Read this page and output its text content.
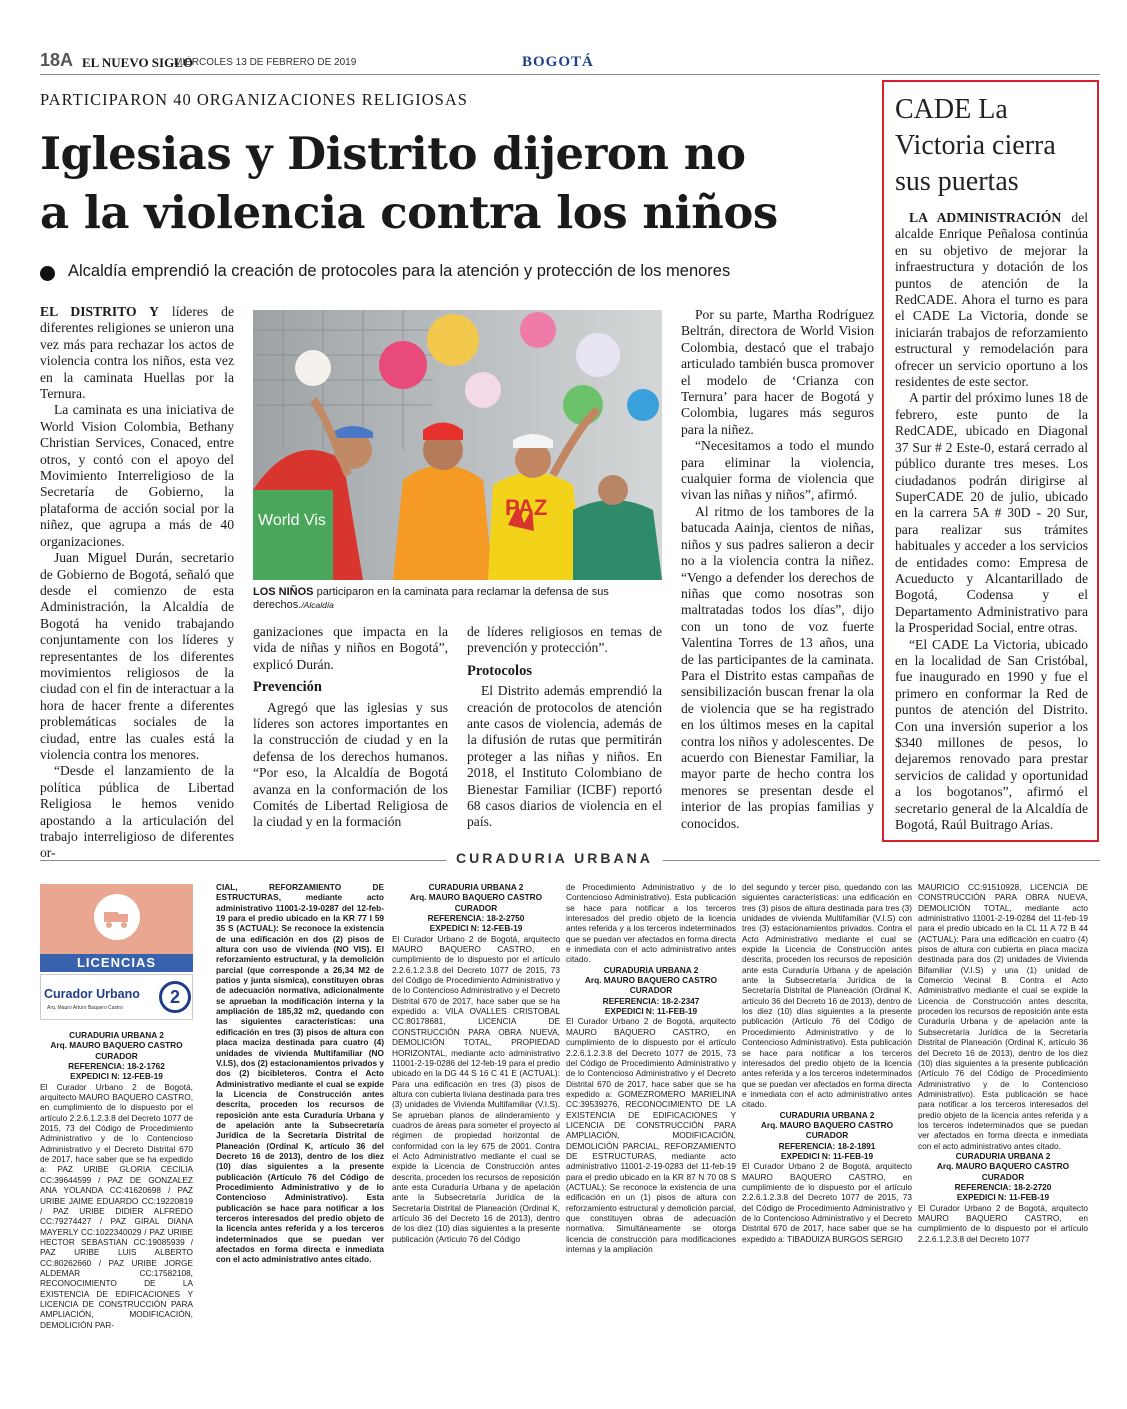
18A EL NUEVO SIGLO
MIÉRCOLES 13 DE FEBRERO DE 2019	BOGOTÁ
PARTICIPARON 40 ORGANIZACIONES RELIGIOSAS
Iglesias y Distrito dijeron no
a la violencia contra los niños
Alcaldía emprendió la creación de protocoles para la atención y protección de los menores

EL DISTRITO Y líderes de diferentes religiones se unieron una vez más para rechazar los actos de violencia contra los niños, esta vez en la caminata Huellas por la Ternura.

La caminata es una iniciativa de World Vision Colombia, Bethany Christian Services, Conaced, entre otros, y contó con el apoyo del Movimiento Interreligioso de la Secretaría de Gobierno, la plataforma de acción social por la niñez, que agrupa a más de 40 organizaciones.

Juan Miguel Durán, secretario de Gobierno de Bogotá, señaló que desde el comienzo de esta Administración, la Alcaldía de Bogotá ha venido trabajando conjuntamente con los líderes y representantes de los diferentes movimientos religiosos de la ciudad con el fin de interactuar a la hora de hacer frente a diferentes problemáticas sociales de la ciudad, entre las cuales está la violencia contra los menores.

“Desde el lanzamiento de la política pública de Libertad Religiosa le hemos venido apostando a la articulación del trabajo interreligioso de diferentes or-

World Vis
PAZ
LOS NIÑOS participaron en la caminata para reclamar la defensa de sus derechos./Alcaldía

ganizaciones que impacta en la vida de niñas y niños en Bogotá”, explicó Durán.

Prevención

Agregó que las iglesias y sus líderes son actores importantes en la construcción de ciudad y en la defensa de los derechos humanos. “Por eso, la Alcaldía de Bogotá avanza en la conformación de los Comités de Libertad Religiosa de la ciudad y en la formación

de líderes religiosos en temas de prevención y protección”.

Protocolos

El Distrito además emprendió la creación de protocolos de atención ante casos de violencia, además de la difusión de rutas que permitirán proteger a las niñas y niños. En 2018, el Instituto Colombiano de Bienestar Familiar (ICBF) reportó 68 casos diarios de violencia en el país.

Por su parte, Martha Rodríguez Beltrán, directora de World Vision Colombia, destacó que el trabajo articulado también busca promover el modelo de ‘Crianza con Ternura’ para hacer de Bogotá y Colombia, lugares más seguros para la niñez.

“Necesitamos a todo el mundo para eliminar la violencia, cualquier forma de violencia que vivan las niñas y niños”, afirmó.

Al ritmo de los tambores de la batucada Aainja, cientos de niñas, niños y sus padres salieron a decir no a la violencia contra la niñez. “Vengo a defender los derechos de niñas que como nosotras son maltratadas todos los días”, dijo con un tono de voz fuerte Valentina Torres de 13 años, una de las participantes de la caminata. Para el Distrito estas campañas de sensibilización buscan frenar la ola de violencia que se ha registrado en los últimos meses en la capital contra los niños y adolescentes. De acuerdo con Bienestar Familiar, la mayor parte de hecho contra los menores se presentan desde el interior de las propias familias y conocidos.

CADE La
Victoria cierra
sus puertas

LA ADMINISTRACIÓN del alcalde Enrique Peñalosa continúa en su objetivo de mejorar la infraestructura y dotación de los puntos de atención de la RedCADE. Ahora el turno es para el CADE La Victoria, donde se iniciarán trabajos de reforzamiento estructural y remodelación para ofrecer un servicio oportuno a los residentes de este sector.

A partir del próximo lunes 18 de febrero, este punto de la RedCADE, ubicado en Diagonal 37 Sur # 2 Este-0, estará cerrado al público durante tres meses. Los ciudadanos podrán dirigirse al SuperCADE 20 de julio, ubicado en la carrera 5A # 30D - 20 Sur, para realizar sus trámites habituales y acceder a los servicios de entidades como: Empresa de Acueducto y Alcantarillado de Bogotá, Codensa y el Departamento Administrativo para la Prosperidad Social, entre otras.

“El CADE La Victoria, ubicado en la localidad de San Cristóbal, fue inaugurado en 1990 y fue el primero en conformar la Red de puntos de atención del Distrito. Con una inversión superior a los $340 millones de pesos, lo dejaremos renovado para prestar servicios de calidad y oportunidad a los bogotanos”, afirmó el secretario general de la Alcaldía de Bogotá, Raúl Buitrago Arias.

CURADURIA URBANA
LICENCIAS
Curador Urbano
Arq. Mauro Arturo Baquero Castro
2
CURADURIA URBANA 2
Arq. MAURO BAQUERO CASTRO
CURADOR
REFERENCIA: 18-2-1762
EXPEDICI N: 12-FEB-19

El Curador Urbano 2 de Bogotá, arquitecto MAURO BAQUERO CASTRO, en cumplimiento de lo dispuesto por el artículo 2.2.6.1.2.3.8 del Decreto 1077 de 2015, 73 del Código de Procedimiento Administrativo y de lo Contencioso Administrativo y el Decreto Distrital 670 de 2017, hace saber que se ha expedido a: PAZ URIBE GLORIA CECILIA CC:39644599 / PAZ DE GONZALEZ ANA YOLANDA CC:41620698 / PAZ URIBE JAIME EDUARDO CC:19220819 / PAZ URIBE DIDIER ALFREDO CC:79274427 / PAZ GIRAL DIANA MAYERLY CC:1022340029 / PAZ URIBE HECTOR SEBASTIAN CC:19085939 / PAZ URIBE LUIS ALBERTO CC:80262660 / PAZ URIBE JORGE ALDEMAR CC:17582108, RECONOCIMIENTO DE LA EXISTENCIA DE EDIFICACIONES Y LICENCIA DE CONSTRUCCIÓN PARA AMPLIACIÓN, MODIFICACIÓN, DEMOLICIÓN PAR-

CIAL, REFORZAMIENTO DE ESTRUCTURAS, mediante acto administrativo 11001-2-19-0287 del 12-feb-19 para el predio ubicado en la KR 77 I 59 35 S (ACTUAL): Se reconoce la existencia de una edificación en dos (2) pisos de altura con uso de vivienda (NO VIS). El reforzamiento estructural, y la demolición parcial (que corresponde a 26,34 M2 de patios y junta sísmica), constituyen obras de adecuación normativa, adicionalmente se aprueban la modificación interna y la ampliación de 185,32 m2, quedando con las siguientes características: una edificación en tres (3) pisos de altura con placa maciza destinada para cuatro (4) unidades de vivienda Multifamiliar (NO V.I.S), dos (2) estacionamientos privados y dos (2) bicibleteros. Contra el Acto Administrativo mediante el cual se expide la Licencia de Construcción antes descrita, proceden los recursos de reposición ante esta Curaduría Urbana y de apelación ante la Subsecretaría Jurídica de la Secretaría Distrital de Planeación (Ordinal K, artículo 36 del Decreto 16 de 2013), dentro de los diez (10) días siguientes a la presente publicación (Artículo 76 del Código de Procedimiento Administrativo y de lo Contencioso Administrativo). Esta publicación se hace para notificar a los terceros interesados del predio objeto de la licencia antes referida y a los terceros indeterminados que se puedan ver afectados en forma directa e inmediata con el acto administrativo antes citado.

CURADURIA URBANA 2
Arq. MAURO BAQUERO CASTRO
CURADOR
REFERENCIA: 18-2-2750
EXPEDICI N: 12-FEB-19

El Curador Urbano 2 de Bogotá, arquitecto MAURO BAQUERO CASTRO, en cumplimiento de lo dispuesto por el artículo 2.2.6.1.2.3.8 del Decreto 1077 de 2015, 73 del Código de Procedimiento Administrativo y de lo Contencioso Administrativo y el Decreto Distrital 670 de 2017, hace saber que se ha expedido a: VILA OVALLES CRISTOBAL CC:80178681, LICENCIA DE CONSTRUCCIÓN PARA OBRA NUEVA, DEMOLICIÓN TOTAL, PROPIEDAD HORIZONTAL, mediante acto administrativo 11001-2-19-0286 del 12-feb-19 para el predio ubicado en la DG 44 S 16 C 41 E (ACTUAL): Para una edificación en tres (3) pisos de altura con cubierta liviana destinada para tres (3) unidades de Vivienda Multifamiliar (V.I.S). Se aprueban planos de alinderamiento y cuadros de áreas para someter el proyecto al régimen de propiedad horizontal de conformidad con la ley 675 de 2001. Contra el Acto Administrativo mediante el cual se expide la Licencia de Construcción antes descrita, proceden los recursos de reposición ante esta Curaduría Urbana y de apelación ante la Subsecretaría Jurídica de la Secretaría Distrital de Planeación (Ordinal K, artículo 36 del Decreto 16 de 2013), dentro de los diez (10) días siguientes a la presente publicación (Artículo 76 del Código

de Procedimiento Administrativo y de lo Contencioso Administrativo). Esta publicación se hace para notificar a los terceros interesados del predio objeto de la licencia antes referida y a los terceros indeterminados que se puedan ver afectados en forma directa e inmediata con el acto administrativo antes citado.

CURADURIA URBANA 2
Arq. MAURO BAQUERO CASTRO
CURADOR
REFERENCIA: 18-2-2347
EXPEDICI N: 11-FEB-19

El Curador Urbano 2 de Bogotá, arquitecto MAURO BAQUERO CASTRO, en cumplimiento de lo dispuesto por el artículo 2.2.6.1.2.3.8 del Decreto 1077 de 2015, 73 del Código de Procedimiento Administrativo y de lo Contencioso Administrativo y el Decreto Distrital 670 de 2017, hace saber que se ha expedido a: GOMEZROMERO MARIELINA CC:39539276, RECONOCIMIENTO DE LA EXISTENCIA DE EDIFICACIONES Y LICENCIA DE CONSTRUCCIÓN PARA AMPLIACIÓN, MODIFICACIÓN, DEMOLICIÓN PARCIAL, REFORZAMIENTO DE ESTRUCTURAS, mediante acto administrativo 11001-2-19-0283 del 11-feb-19 para el predio ubicado en la KR 87 N 70 08 S (ACTUAL): Se reconoce la existencia de una edificación en un (1) pisos de altura con reforzamiento estructural y demolición parcial, que constituyen obras de adecuación normativa. Simultáneamente se otorga licencia de construcción para modificaciones internas y la ampliación

del segundo y tercer piso, quedando con las siguientes características: una edificación en tres (3) pisos de altura destinada para tres (3) unidades de vivienda Multifamiliar (V.I.S) con tres (3) estacionamientos privados. Contra el Acto Administrativo mediante el cual se expide la Licencia de Construcción antes descrita, proceden los recursos de reposición ante esta Curaduría Urbana y de apelación ante la Subsecretaría Jurídica de la Secretaría Distrital de Planeación (Ordinal K, artículo 36 del Decreto 16 de 2013), dentro de los diez (10) días siguientes a la presente publicación (Artículo 76 del Código de Procedimiento Administrativo y de lo Contencioso Administrativo). Esta publicación se hace para notificar a los terceros interesados del predio objeto de la licencia antes referida y a los terceros indeterminados que se puedan ver afectados en forma directa e inmediata con el acto administrativo antes citado.

CURADURIA URBANA 2
Arq. MAURO BAQUERO CASTRO
CURADOR
REFERENCIA: 18-2-1891
EXPEDICI N: 11-FEB-19

El Curador Urbano 2 de Bogotá, arquitecto MAURO BAQUERO CASTRO, en cumplimiento de lo dispuesto por el artículo 2.2.6.1.2.3.8 del Decreto 1077 de 2015, 73 del Código de Procedimiento Administrativo y de lo Contencioso Administrativo y el Decreto Distrital 670 de 2017, hace saber que se ha expedido a: TIBADUIZA BURGOS SERGIO

MAURICIO CC:91510928, LICENCIA DE CONSTRUCCIÓN PARA OBRA NUEVA, DEMOLICIÓN TOTAL, mediante acto administrativo 11001-2-19-0284 del 11-feb-19 para el predio ubicado en la CL 11 A 72 B 44 (ACTUAL): Para una edificación en cuatro (4) pisos de altura con cubierta en placa maciza destinada para dos (2) unidades de Vivienda Bifamiliar (V.I.S) y una (1) unidad de Comercio Vecinal B. Contra el Acto Administrativo mediante el cual se expide la Licencia de Construcción antes descrita, proceden los recursos de reposición ante esta Curaduría Urbana y de apelación ante la Subsecretaría Jurídica de la Secretaría Distrital de Planeación (Ordinal K, artículo 36 del Decreto 16 de 2013), dentro de los diez (10) días siguientes a la presente publicación (Artículo 76 del Código de Procedimiento Administrativo y de lo Contencioso Administrativo). Esta publicación se hace para notificar a los terceros interesados del predio objeto de la licencia antes referida y a los terceros indeterminados que se puedan ver afectados en forma directa e inmediata con el acto administrativo antes citado.

CURADURIA URBANA 2
Arq. MAURO BAQUERO CASTRO
CURADOR
REFERENCIA: 18-2-2720
EXPEDICI N: 11-FEB-19

El Curador Urbano 2 de Bogotá, arquitecto MAURO BAQUERO CASTRO, en cumplimiento de lo dispuesto por el artículo 2.2.6.1.2.3.8 del Decreto 1077
